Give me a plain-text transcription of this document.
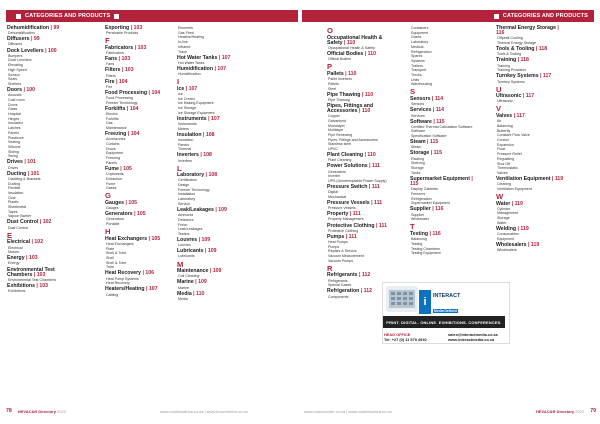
CATEGORIES AND PRODUCTS
Dehumidification | 99
Dehumidification
Diffusers | 99
Diffusers
Dock Levellers | 100
Bumpers
Dock Levellers
Elevating
High Speed
Scissor
Seals
Shelters
Doors | 100
Acoustic
Cold room
Doors
Glass
Hospital
Hinges
Insulated
Latches
Panels
Plasticore
Sealing
Silicone
Sliding
Swing
Drives | 101
Drives
Ducting | 101
Cladding & Brackets
Ducting
Flexible
Insulation
Oval
Plastic
Sheetmetal
Tapes
Vapour Barrier
Dust Control | 102
Dust Control
E
Electrical | 102
Electrical
Motors
Energy | 103
Energy
Environmental Test Chambers | 103
Environmental Test Chambers
Exhibitions | 103
Exhibitions
Exporting | 103
Perishable Products
F
Fabricators | 103
Fabricators
Fans | 103
Fans
Filters | 103
Filters
Fire | 104
Fire
Food Processing | 104
Food Processing
Freezer Technology
Forklifts | 104
Electric
Forklifts
Gas
Maintenance
Freezing | 104
Accessories
Curtains
Doors
Equipment
Freezing
Panels
Fume | 105
Cupboards
Extraction
Fume
Gases
G
Gauges | 105
Gauges
Generators | 105
Generators
Portable
H
Heat Exchangers | 105
Heat Exchangers
Plate
Shell & Tube
Shell
Shell & Tube
Tube
Heat Recovery | 106
Heat Pump Systems
Heat Recovery
Heaters/Heating | 107
Cabling
Elements
Gas Fired
Heaters/Heating
In-line
Infrared
Trace
Hot Water Tanks | 107
Hot Water Tanks
Humidification | 107
Humidification
I
Ice | 107
Ice
Ice Cream
Ice Making Equipment
Ice Storage
Ice Storage Equipment
Instruments | 107
Instruments
Meters
Insulation | 108
Insulation
Panels
Thermal
Inverters | 108
Inverters
L
Laboratory | 108
Certification
Design
Freezer Technology
Installation
Laboratory
Service
Leak/Leakages | 109
Ammonia
Detectors
Freon
Leak/Leakages
Testers
Louvres | 109
Louvres
Lubricants | 109
Lubricants
M
Maintenance | 109
Coil Cleaning
Marine | 109
Marine
Media | 110
Media
78 HEVAC&R Directory 2022	www.coldlinkafrica.co.za | www.hvacrcentre.co.za
CATEGORIES AND PRODUCTS
O
Occupational Health & Safety | 110
Occupational Health & Safety
Official Bodies | 110
Official Bodies
P
Pallets | 110
Pallet Inverters
Pallets
Steel
Pipe Thawing | 110
Pipe Thawing
Pipes, Fittings and Accessories | 110
Copper
Galvanised
Monolayer
Multilayer
Pipe Renewing
Pipes, Fittings and Accessories
Stainless steel
UPVC
Plant Cleaning | 110
Plant Cleaning
Power Solutions | 111
Generators
Inverter
UPS (Uninterruptable Power Supply)
Pressure Switch | 111
Digital
Mechanical
Pressure Vessels | 111
Pressure Vessels
Property | 111
Property Management
Protective Clothing | 111
Protective Clothing
Pumps | 111
Heat Pumps
Pumps
Repairs & Service
Vacuum Measurement
Vacuum Pumps
R
Refrigerants | 112
Refrigerants
Special Gases
Refrigeration | 112
Components
Containers
Equipment
Gases
Laboratory
Medical
Refrigeration
Spares
Systems
Trailers
Transport
Trucks
Units
Warehousing
S
Sensors | 114
Sensors
Services | 114
Services
Software | 115
Certified Thermal Calculation Software
Software
Specification Software
Steam | 115
Steam
Storage | 115
Racking
Shelving
Storage
Tanks
Supermarket Equipment | 115
Display Cabinets
Freezers
Refrigeration
Supermarket Equipment
Supplier | 116
Supplier
Wholesaler
T
Testing | 116
Balancing
Testing
Testing Chambers
Testing Equipment
Thermal Energy Storage | 116
Offpeak Cooling
Thermal Energy Storage
Tools & Tooling | 118
Tools & Tooling
Training | 118
Training
Training Providers
Turnkey Systems | 117
Turnkey Systems
U
Ultrasonic | 117
Ultrasonic
V
Valves | 117
Air
Balancing
Butterfly
Constant Flow Valve
Control
Expansion
Float
Pressure Relief
Regulating
Shut Off
Thermostatic
Valves
Ventilation Equipment | 119
Cleaning
Ventilation Equipment
W
Water | 119
Cylinder
Management
Storage
Water
Welding | 119
Consumables
Equipment
Wholesalers | 119
Wholesalers
i INTERACT
Media Defined
PRINT. DIGITAL. ONLINE. EXHIBITIONS. CONFERENCES.
HEAD OFFICE
Tel: +27 (0) 11 579 4940
sales@interactmedia.co.za
www.interactmedia.co.za
www.hvacrcentre.co.za | www.coldlinkafrica.co.za	HEVAC&R Directory 2022 79
